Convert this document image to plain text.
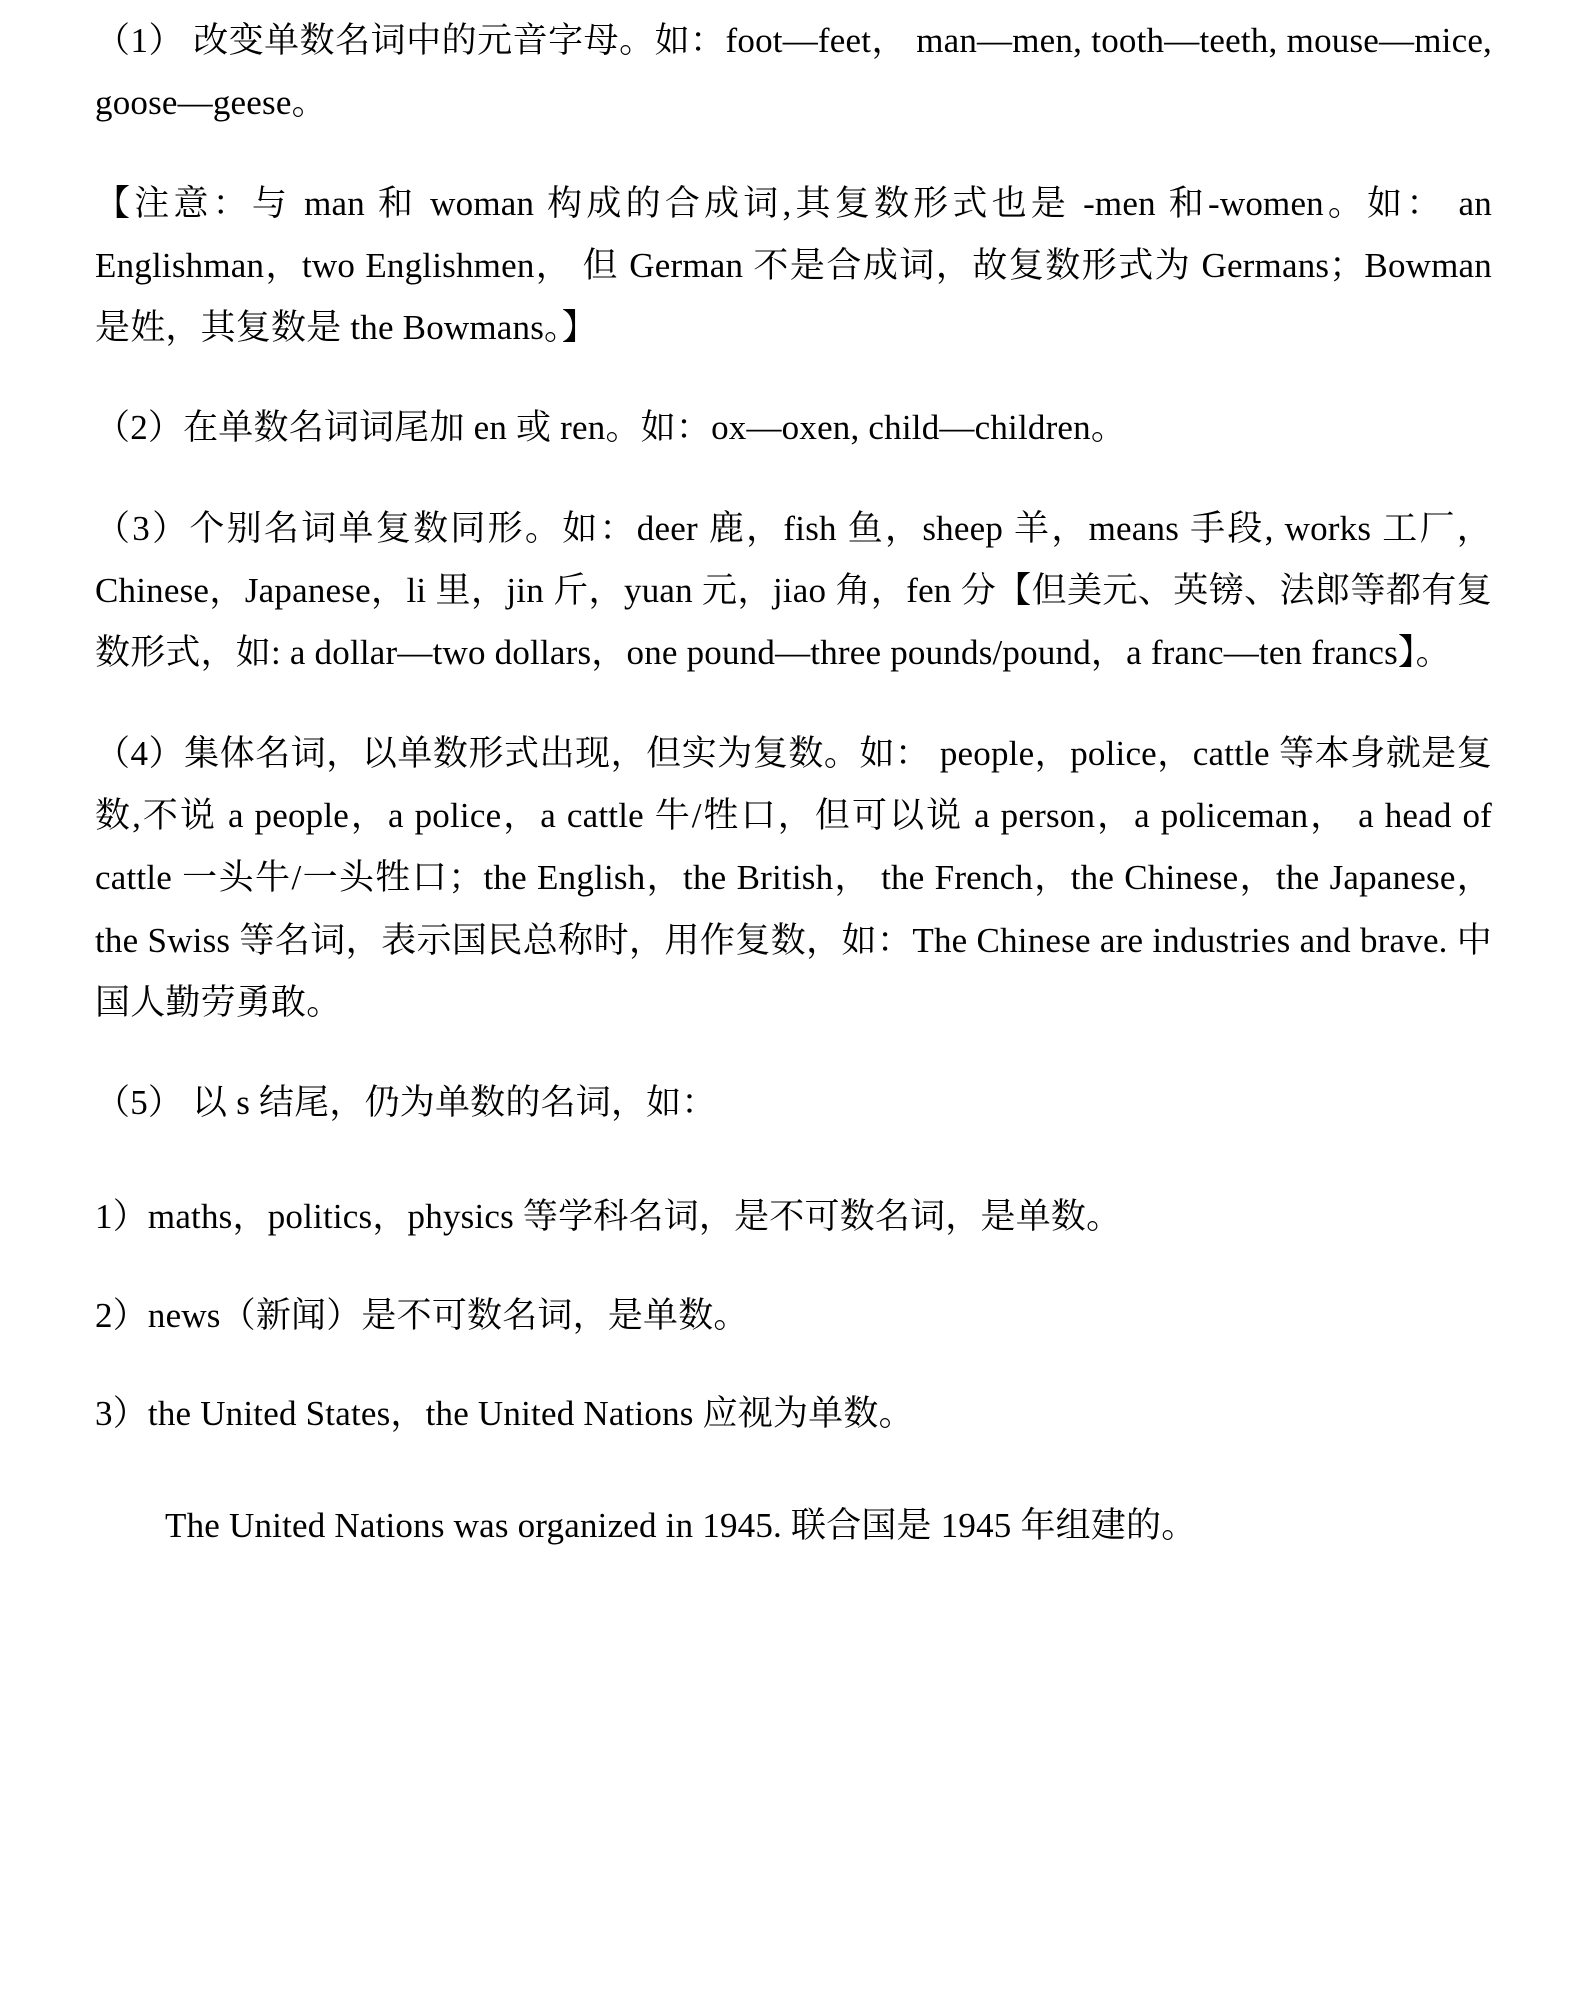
（1） 改变单数名词中的元音字母。如：foot—feet， man—men, tooth—teeth, mouse—mice, goose—geese。

【注意：与 man 和 woman 构成的合成词,其复数形式也是 -men 和-women。如： an Englishman，two Englishmen， 但 German 不是合成词，故复数形式为 Germans；Bowman 是姓，其复数是 the Bowmans。】

（2）在单数名词词尾加 en 或 ren。如：ox—oxen, child—children。

（3）个别名词单复数同形。如：deer 鹿，fish 鱼，sheep 羊，means 手段, works 工厂，Chinese，Japanese，li 里，jin 斤，yuan 元，jiao 角，fen 分【但美元、英镑、法郎等都有复数形式，如: a dollar—two dollars，one pound—three pounds/pound，a franc—ten francs】。

（4）集体名词，以单数形式出现，但实为复数。如： people，police，cattle 等本身就是复数,不说 a people，a police，a cattle 牛/牲口，但可以说 a person，a policeman， a head of cattle 一头牛/一头牲口；the English，the British， the French，the Chinese，the Japanese，the Swiss 等名词，表示国民总称时，用作复数，如：The Chinese are industries and brave. 中国人勤劳勇敢。

（5） 以 s 结尾，仍为单数的名词，如：

1）maths，politics，physics 等学科名词，是不可数名词，是单数。

2）news（新闻）是不可数名词，是单数。

3）the United States，the United Nations 应视为单数。

The United Nations was organized in 1945. 联合国是 1945 年组建的。
